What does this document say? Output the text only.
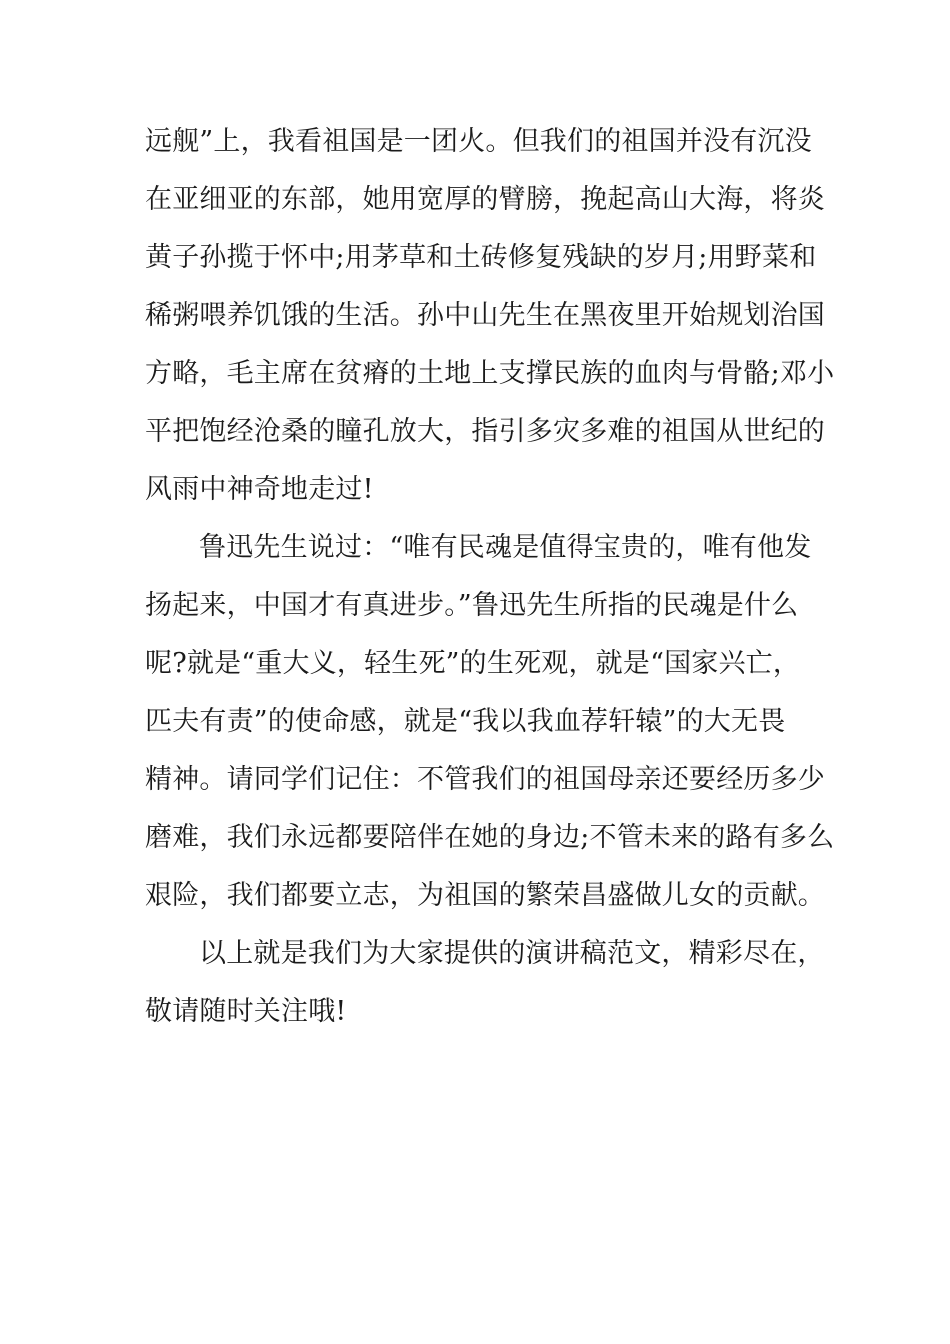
远舰”上，我看祖国是一团火。但我们的祖国并没有沉没
在亚细亚的东部，她用宽厚的臂膀，挽起高山大海，将炎
黄子孙揽于怀中;用茅草和土砖修复残缺的岁月;用野菜和
稀粥喂养饥饿的生活。孙中山先生在黑夜里开始规划治国
方略，毛主席在贫瘠的土地上支撑民族的血肉与骨骼;邓小
平把饱经沧桑的瞳孔放大，指引多灾多难的祖国从世纪的
风雨中神奇地走过!
鲁迅先生说过：“唯有民魂是值得宝贵的，唯有他发
扬起来，中国才有真进步。”鲁迅先生所指的民魂是什么
呢?就是“重大义，轻生死”的生死观，就是“国家兴亡，
匹夫有责”的使命感，就是“我以我血荐轩辕”的大无畏
精神。请同学们记住：不管我们的祖国母亲还要经历多少
磨难，我们永远都要陪伴在她的身边;不管未来的路有多么
艰险，我们都要立志，为祖国的繁荣昌盛做儿女的贡献。
以上就是我们为大家提供的演讲稿范文，精彩尽在，
敬请随时关注哦!
